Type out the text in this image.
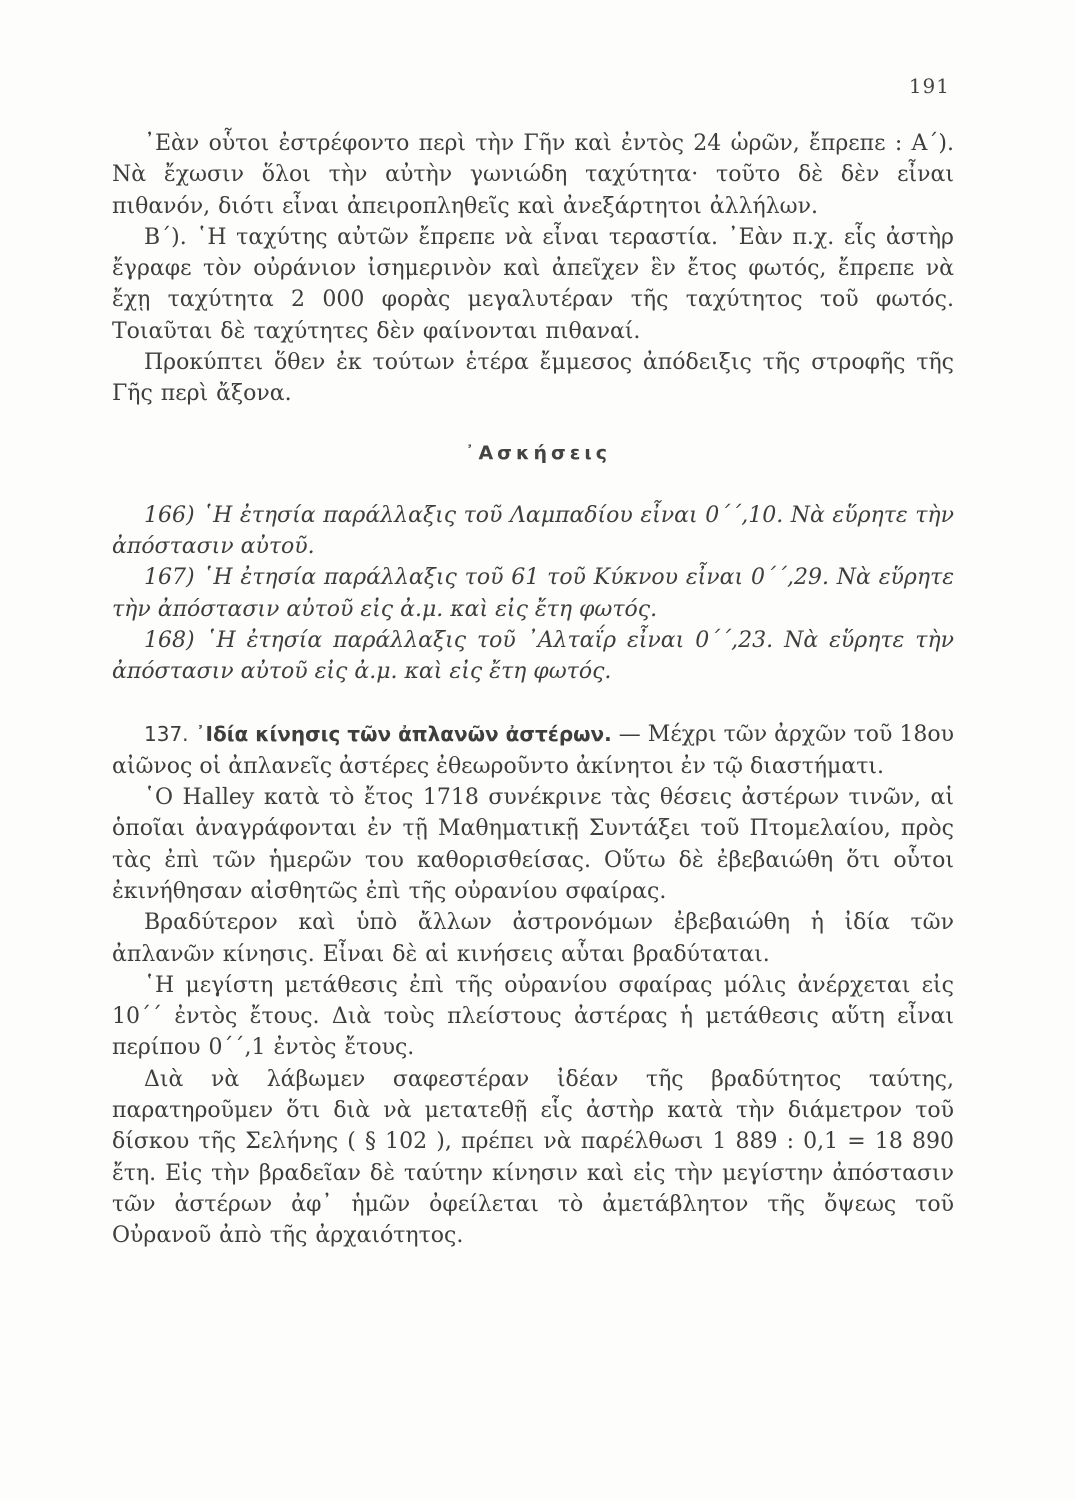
191

᾿Εὰν οὗτοι ἐστρέφοντο περὶ τὴν Γῆν καὶ ἐντὸς 24 ὡρῶν, ἔπρεπε : Α΄). Νὰ ἔχωσιν ὅλοι τὴν αὐτὴν γωνιώδη ταχύτητα· τοῦτο δὲ δὲν εἶναι πιθανόν, διότι εἶναι ἀπειροπληθεῖς καὶ ἀνεξάρτητοι ἀλλήλων.

Β΄). ῾Η ταχύτης αὐτῶν ἔπρεπε νὰ εἶναι τεραστία. ᾿Εὰν π.χ. εἷς ἀστὴρ ἔγραφε τὸν οὐράνιον ἰσημερινὸν καὶ ἀπεῖχεν ἓν ἔτος φωτός, ἔπρεπε νὰ ἔχῃ ταχύτητα 2 000 φορὰς μεγαλυτέραν τῆς ταχύτητος τοῦ φωτός. Τοιαῦται δὲ ταχύτητες δὲν φαίνονται πιθαναί.

Προκύπτει ὅθεν ἐκ τούτων ἑτέρα ἔμμεσος ἀπόδειξις τῆς στροφῆς τῆς Γῆς περὶ ἄξονα.

᾿Ασκήσεις

166) ῾Η ἐτησία παράλλαξις τοῦ Λαμπαδίου εἶναι 0΄΄,10. Νὰ εὕρητε τὴν ἀπόστασιν αὐτοῦ.

167) ῾Η ἐτησία παράλλαξις τοῦ 61 τοῦ Κύκνου εἶναι 0΄΄,29. Νὰ εὕρητε τὴν ἀπόστασιν αὐτοῦ εἰς ἀ.μ. καὶ εἰς ἔτη φωτός.

168) ῾Η ἐτησία παράλλαξις τοῦ ᾿Αλταΐρ εἶναι 0΄΄,23. Νὰ εὕρητε τὴν ἀπόστασιν αὐτοῦ εἰς ἀ.μ. καὶ εἰς ἔτη φωτός.

137. ᾿Ιδία κίνησις τῶν ἀπλανῶν ἀστέρων. — Μέχρι τῶν ἀρχῶν τοῦ 18ου αἰῶνος οἱ ἀπλανεῖς ἀστέρες ἐθεωροῦντο ἀκίνητοι ἐν τῷ διαστήματι.

῾Ο Halley κατὰ τὸ ἔτος 1718 συνέκρινε τὰς θέσεις ἀστέρων τινῶν, αἱ ὁποῖαι ἀναγράφονται ἐν τῇ Μαθηματικῇ Συντάξει τοῦ Πτομελαίου, πρὸς τὰς ἐπὶ τῶν ἡμερῶν του καθορισθείσας. Οὕτω δὲ ἐβεβαιώθη ὅτι οὗτοι ἐκινήθησαν αἰσθητῶς ἐπὶ τῆς οὐρανίου σφαίρας.

Βραδύτερον καὶ ὑπὸ ἄλλων ἀστρονόμων ἐβεβαιώθη ἡ ἰδία τῶν ἀπλανῶν κίνησις. Εἶναι δὲ αἱ κινήσεις αὗται βραδύταται.

῾Η μεγίστη μετάθεσις ἐπὶ τῆς οὐρανίου σφαίρας μόλις ἀνέρχεται εἰς 10΄΄ ἐντὸς ἔτους. Διὰ τοὺς πλείστους ἀστέρας ἡ μετάθεσις αὕτη εἶναι περίπου 0΄΄,1 ἐντὸς ἔτους.

Διὰ νὰ λάβωμεν σαφεστέραν ἰδέαν τῆς βραδύτητος ταύτης, παρατηροῦμεν ὅτι διὰ νὰ μετατεθῇ εἷς ἀστὴρ κατὰ τὴν διάμετρον τοῦ δίσκου τῆς Σελήνης ( § 102 ), πρέπει νὰ παρέλθωσι 1 889 : 0,1 = 18 890 ἔτη. Εἰς τὴν βραδεῖαν δὲ ταύτην κίνησιν καὶ εἰς τὴν μεγίστην ἀπόστασιν τῶν ἀστέρων ἀφ᾿ ἡμῶν ὀφείλεται τὸ ἀμετάβλητον τῆς ὄψεως τοῦ Οὐρανοῦ ἀπὸ τῆς ἀρχαιότητος.
